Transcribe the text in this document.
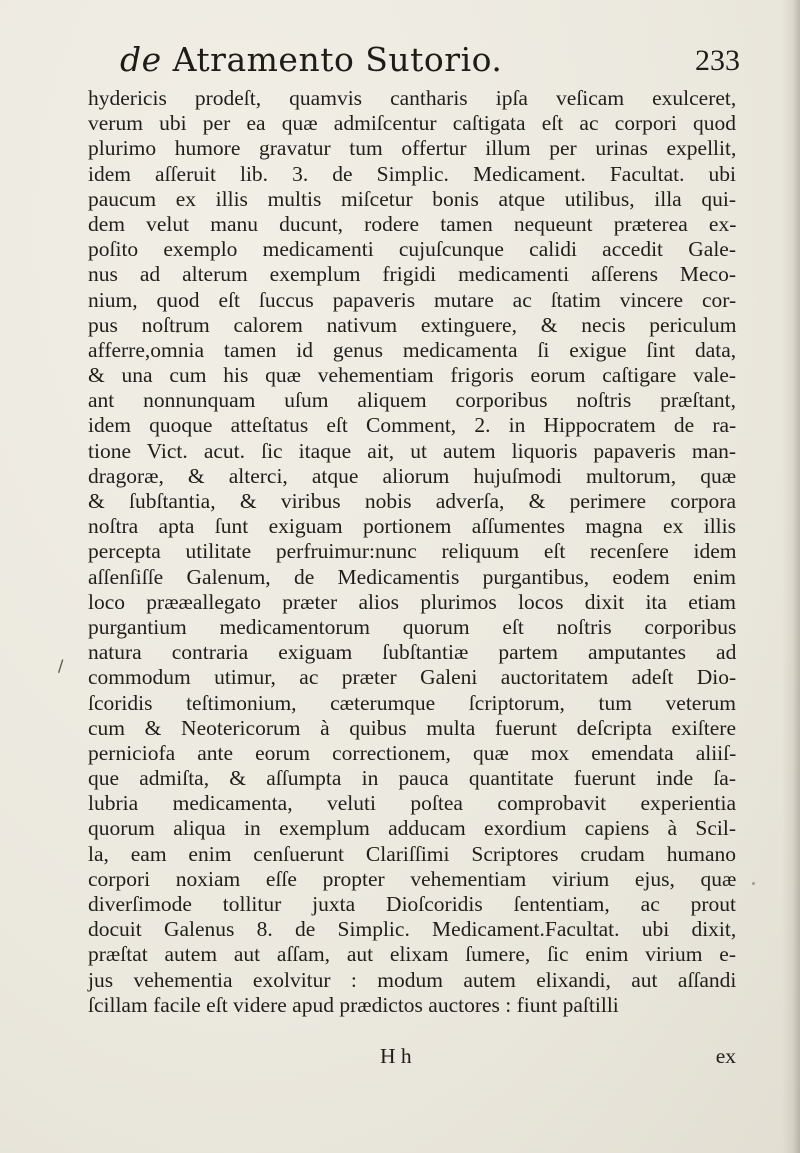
de Atramento Sutorio.	233
hydericis prodeſt, quamvis cantharis ipſa veſicam exulceret,
verum ubi per ea quæ admiſcentur caſtigata eſt ac corpori quod
plurimo humore gravatur tum offertur illum per urinas expellit,
idem aſſeruit lib. 3. de Simplic. Medicament. Facultat. ubi
paucum ex illis multis miſcetur bonis atque utilibus, illa qui-
dem velut manu ducunt, rodere tamen nequeunt præterea ex-
poſito exemplo medicamenti cujuſcunque calidi accedit Gale-
nus ad alterum exemplum frigidi medicamenti aſſerens Meco-
nium, quod eſt ſuccus papaveris mutare ac ſtatim vincere cor-
pus noſtrum calorem nativum extinguere, & necis periculum
afferre,omnia tamen id genus medicamenta ſi exigue ſint data,
& una cum his quæ vehementiam frigoris eorum caſtigare vale-
ant nonnunquam uſum aliquem corporibus noſtris præſtant,
idem quoque atteſtatus eſt Comment, 2. in Hippocratem de ra-
tione Vict. acut. ſic itaque ait, ut autem liquoris papaveris man-
dragoræ, & alterci, atque aliorum hujuſmodi multorum, quæ
& ſubſtantia, & viribus nobis adverſa, & perimere corpora
noſtra apta ſunt exiguam portionem aſſumentes magna ex illis
percepta utilitate perfruimur:nunc reliquum eſt recenſere idem
aſſenſiſſe Galenum, de Medicamentis purgantibus, eodem enim
loco prææallegato præter alios plurimos locos dixit ita etiam
purgantium medicamentorum quorum eſt noſtris corporibus
natura contraria exiguam ſubſtantiæ partem amputantes ad
commodum utimur, ac præter Galeni auctoritatem adeſt Dio-
ſcoridis teſtimonium, cæterumque ſcriptorum, tum veterum
cum & Neotericorum à quibus multa fuerunt deſcripta exiſtere
perniciofa ante eorum correctionem, quæ mox emendata aliiſ-
que admiſta, & aſſumpta in pauca quantitate fuerunt inde ſa-
lubria medicamenta, veluti poſtea comprobavit experientia
quorum aliqua in exemplum adducam exordium capiens à Scil-
la, eam enim cenſuerunt Clariſſimi Scriptores crudam humano
corpori noxiam eſſe propter vehementiam virium ejus, quæ
diverſimode tollitur juxta Dioſcoridis ſententiam, ac prout
docuit Galenus 8. de Simplic. Medicament.Facultat. ubi dixit,
præſtat autem aut aſſam, aut elixam ſumere, ſic enim virium e-
jus vehementia exolvitur : modum autem elixandi, aut aſſandi
ſcillam facile eſt videre apud prædictos auctores : fiunt paſtilli
H h	ex
/
